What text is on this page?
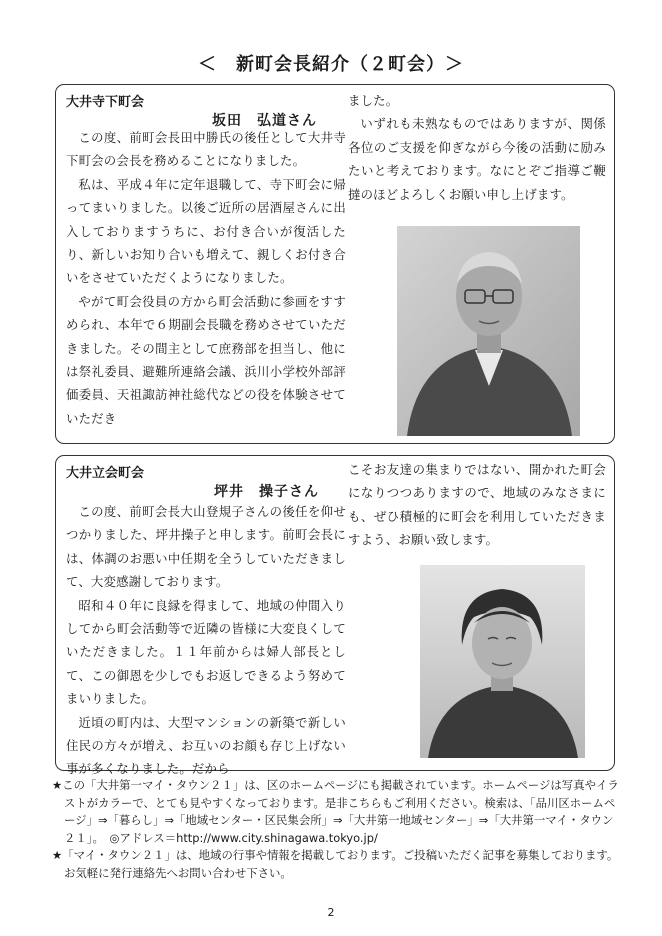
＜　新町会長紹介（２町会）＞
大井寺下町会
坂田　弘道さん

この度、前町会長田中勝氏の後任として大井寺下町会の会長を務めることになりました。

私は、平成４年に定年退職して、寺下町会に帰ってまいりました。以後ご近所の居酒屋さんに出入しておりますうちに、お付き合いが復活したり、新しいお知り合いも増えて、親しくお付き合いをさせていただくようになりました。

やがて町会役員の方から町会活動に参画をすすめられ、本年で６期副会長職を務めさせていただきました。その間主として庶務部を担当し、他には祭礼委員、避難所連絡会議、浜川小学校外部評価委員、天祖諏訪神社総代などの役を体験させていただき

ました。

いずれも未熟なものではありますが、関係各位のご支援を仰ぎながら今後の活動に励みたいと考えております。なにとぞご指導ご鞭撻のほどよろしくお願い申し上げます。

大井立会町会
坪井　操子さん

この度、前町会長大山登規子さんの後任を仰せつかりました、坪井操子と申します。前町会長には、体調のお悪い中任期を全うしていただきまして、大変感謝しております。

昭和４０年に良縁を得まして、地域の仲間入りしてから町会活動等で近隣の皆様に大変良くしていただきました。１１年前からは婦人部長として、この御恩を少しでもお返しできるよう努めてまいりました。

近頃の町内は、大型マンションの新築で新しい住民の方々が増え、お互いのお顔も存じ上げない事が多くなりました。だから

こそお友達の集まりではない、開かれた町会になりつつありますので、地域のみなさまにも、ぜひ積極的に町会を利用していただきますよう、お願い致します。

★この「大井第一マイ・タウン２１」は、区のホームページにも掲載されています。ホームページは写真やイラストがカラーで、とても見やすくなっております。是非こちらもご利用ください。検索は、「品川区ホームページ」⇒「暮らし」⇒「地域センター・区民集会所」⇒「大井第一地域センター」⇒「大井第一マイ・タウン２１」。　◎アドレス＝http://www.city.shinagawa.tokyo.jp/

★「マイ・タウン２１」は、地域の行事や情報を掲載しております。ご投稿いただく記事を募集しております。お気軽に発行連絡先へお問い合わせ下さい。

2
